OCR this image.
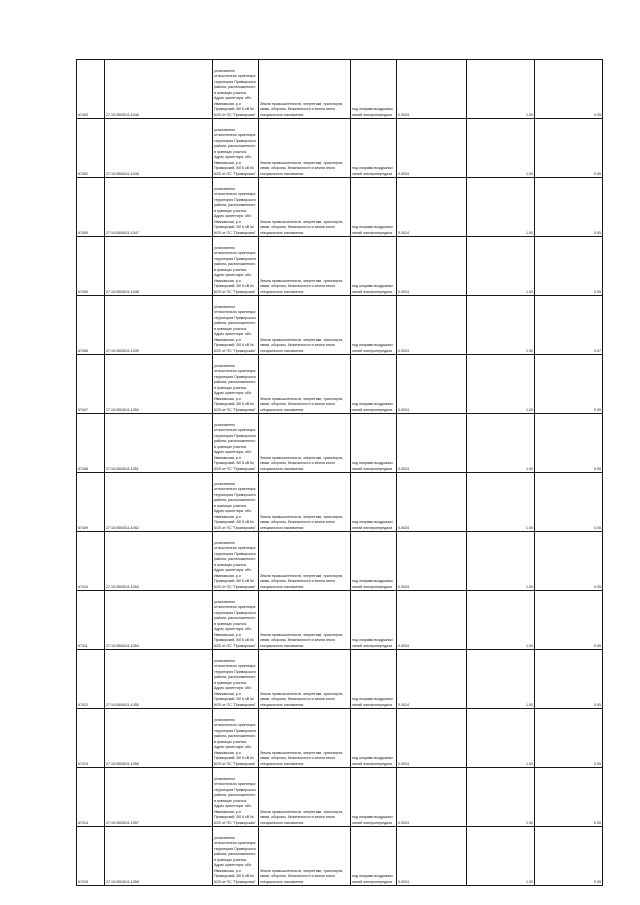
67403	27:10:0504011:1046	установлено относительно ориентира территория Приморского района, расположенного в границах участка. Адрес ориентира: обл. Ивановская, р-н Приморский, ВЛ 6 кВ № 6/20 от ПС "Приморская"	Земли промышленности, энергетики, транспорта, связи, обороны, безопасности и земли иного специального назначения	под опорами воздушных линий электропередачи	0.0024	1.00	0.05
67402	27:10:0504011:1045	установлено относительно ориентира территория Приморского района, расположенного в границах участка. Адрес ориентира: обл. Ивановская, р-н Приморский, ВЛ 6 кВ № 6/20 от ПС "Приморская"	Земли промышленности, энергетики, транспорта, связи, обороны, безопасности и земли иного специального назначения	под опорами воздушных линий электропередачи	0.0024	1.00	0.05
67404	27:10:0504011:1047	установлено относительно ориентира территория Приморского района, расположенного в границах участка. Адрес ориентира: обл. Ивановская, р-н Приморский, ВЛ 6 кВ № 6/20 от ПС "Приморская"	Земли промышленности, энергетики, транспорта, связи, обороны, безопасности и земли иного специального назначения	под опорами воздушных линий электропередачи	0.0024	1.00	0.05
67405	27:10:0504011:1048	установлено относительно ориентира территория Приморского района, расположенного в границах участка. Адрес ориентира: обл. Ивановская, р-н Приморский, ВЛ 6 кВ № 6/20 от ПС "Приморская"	Земли промышленности, энергетики, транспорта, связи, обороны, безопасности и земли иного специального назначения	под опорами воздушных линий электропередачи	0.0024	1.00	0.05
67406	27:10:0504011:1049	установлено относительно ориентира территория Приморского района, расположенного в границах участка. Адрес ориентира: обл. Ивановская, р-н Приморский, ВЛ 6 кВ № 6/20 от ПС "Приморская"	Земли промышленности, энергетики, транспорта, связи, обороны, безопасности и земли иного специального назначения	под опорами воздушных линий электропередачи	0.0024	1.00	0.07
67407	27:10:0504011:1050	установлено относительно ориентира территория Приморского района, расположенного в границах участка. Адрес ориентира: обл. Ивановская, р-н Приморский, ВЛ 6 кВ № 6/20 от ПС "Приморская"	Земли промышленности, энергетики, транспорта, связи, обороны, безопасности и земли иного специального назначения	под опорами воздушных линий электропередачи	0.0024	1.00	0.05
67408	27:10:0504011:1051	установлено относительно ориентира территория Приморского района, расположенного в границах участка. Адрес ориентира: обл. Ивановская, р-н Приморский, ВЛ 6 кВ № 6/20 от ПС "Приморская"	Земли промышленности, энергетики, транспорта, связи, обороны, безопасности и земли иного специального назначения	под опорами воздушных линий электропередачи	0.0024	1.00	0.05
67409	27:10:0504011:1052	установлено относительно ориентира территория Приморского района, расположенного в границах участка. Адрес ориентира: обл. Ивановская, р-н Приморский, ВЛ 6 кВ № 6/20 от ПС "Приморская"	Земли промышленности, энергетики, транспорта, связи, обороны, безопасности и земли иного специального назначения	под опорами воздушных линий электропередачи	0.0024	1.00	0.05
67410	27:10:0504011:1053	установлено относительно ориентира территория Приморского района, расположенного в границах участка. Адрес ориентира: обл. Ивановская, р-н Приморский, ВЛ 6 кВ № 6/20 от ПС "Приморская"	Земли промышленности, энергетики, транспорта, связи, обороны, безопасности и земли иного специального назначения	под опорами воздушных линий электропередачи	0.0024	1.00	0.05
67411	27:10:0504011:1054	установлено относительно ориентира территория Приморского района, расположенного в границах участка. Адрес ориентира: обл. Ивановская, р-н Приморский, ВЛ 6 кВ № 6/20 от ПС "Приморская"	Земли промышленности, энергетики, транспорта, связи, обороны, безопасности и земли иного специального назначения	под опорами воздушных линий электропередачи	0.0024	1.00	0.05
67412	27:10:0504011:1055	установлено относительно ориентира территория Приморского района, расположенного в границах участка. Адрес ориентира: обл. Ивановская, р-н Приморский, ВЛ 6 кВ № 6/20 от ПС "Приморская"	Земли промышленности, энергетики, транспорта, связи, обороны, безопасности и земли иного специального назначения	под опорами воздушных линий электропередачи	0.0024	1.00	0.05
67413	27:10:0504011:1056	установлено относительно ориентира территория Приморского района, расположенного в границах участка. Адрес ориентира: обл. Ивановская, р-н Приморский, ВЛ 6 кВ № 6/20 от ПС "Приморская"	Земли промышленности, энергетики, транспорта, связи, обороны, безопасности и земли иного специального назначения	под опорами воздушных линий электропередачи	0.0024	1.00	0.05
67414	27:10:0504011:1057	установлено относительно ориентира территория Приморского района, расположенного в границах участка. Адрес ориентира: обл. Ивановская, р-н Приморский, ВЛ 6 кВ № 6/20 от ПС "Приморская"	Земли промышленности, энергетики, транспорта, связи, обороны, безопасности и земли иного специального назначения	под опорами воздушных линий электропередачи	0.0024	1.00	0.05
67415	27:10:0504011:1058	установлено относительно ориентира территория Приморского района, расположенного в границах участка. Адрес ориентира: обл. Ивановская, р-н Приморский, ВЛ 6 кВ № 6/20 от ПС "Приморская"	Земли промышленности, энергетики, транспорта, связи, обороны, безопасности и земли иного специального назначения	под опорами воздушных линий электропередачи	0.0024	1.00	0.05
